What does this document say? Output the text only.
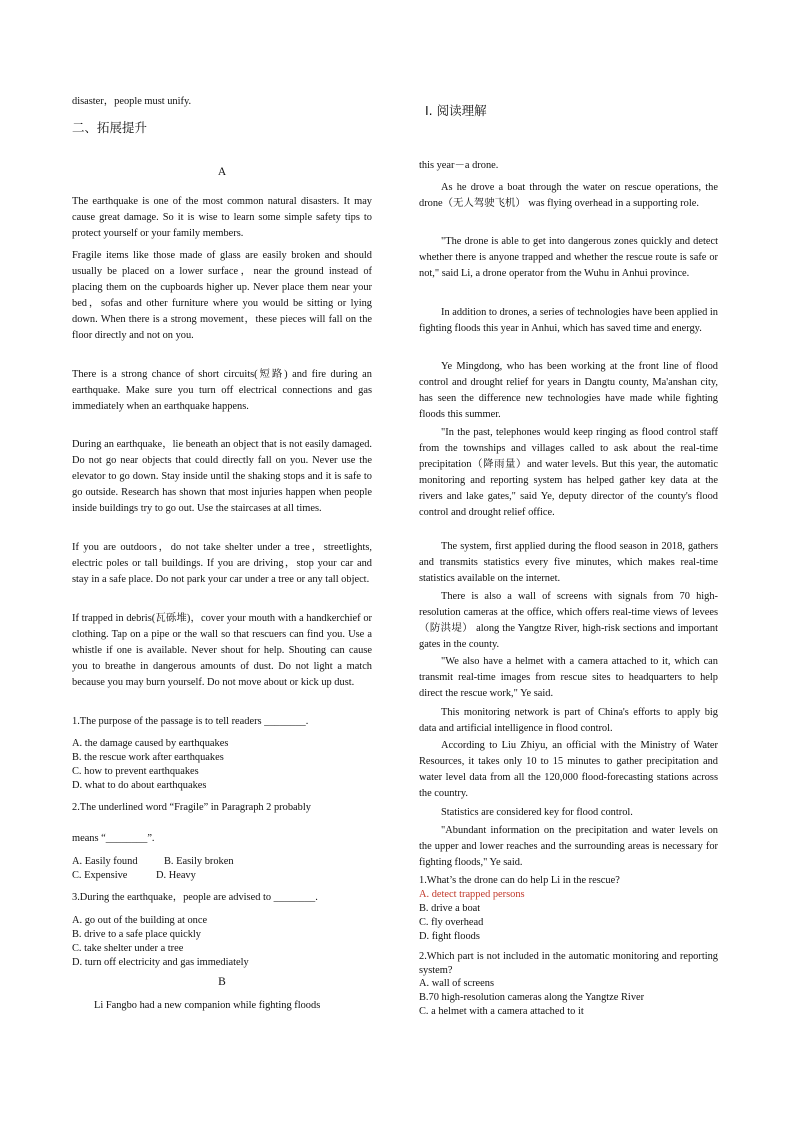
disaster，people must unify.

二、拓展提升
A

The earthquake is one of the most common natural disasters. It may cause great damage. So it is wise to learn some simple safety tips to protect yourself or your family members.

Fragile items like those made of glass are easily broken and should usually be placed on a lower surface，near the ground instead of placing them on the cupboards higher up. Never place them near your bed，sofas and other furniture where you would be sitting or lying down. When there is a strong movement，these pieces will fall on the floor directly and not on you.

There is a strong chance of short circuits(短路) and fire during an earthquake. Make sure you turn off electrical connections and gas immediately when an earthquake happens.

During an earthquake，lie beneath an object that is not easily damaged. Do not go near objects that could directly fall on you. Never use the elevator to go down. Stay inside until the shaking stops and it is safe to go outside. Research has shown that most injuries happen when people inside buildings try to go out. Use the staircases at all times.

If you are outdoors，do not take shelter under a tree，streetlights, electric poles or tall buildings. If you are driving，stop your car and stay in a safe place. Do not park your car under a tree or any tall object.

If trapped in debris(瓦砾堆)，cover your mouth with a handkerchief or clothing. Tap on a pipe or the wall so that rescuers can find you. Use a whistle if one is available. Never shout for help. Shouting can cause you to breathe in dangerous amounts of dust. Do not light a match because you may burn yourself. Do not move about or kick up dust.

1.The purpose of the passage is to tell readers ________.

A. the damage caused by earthquakes

B. the rescue work after earthquakes

C. how to prevent earthquakes

D. what to do about earthquakes

2.The underlined word “Fragile” in Paragraph 2 probably

means “________”.

A. Easily found	B. Easily broken

C. Expensive	D. Heavy

3.During the earthquake，people are advised to ________.

A. go out of the building at once

B. drive to a safe place quickly

C. take shelter under a tree

D. turn off electricity and gas immediately

B

Li Fangbo had a new companion while fighting floods

Ⅰ. 阅读理解

this year－a drone.

As he drove a boat through the water on rescue operations, the drone（无人驾驶飞机） was flying overhead in a supporting role.

"The drone is able to get into dangerous zones quickly and detect whether there is anyone trapped and whether the rescue route is safe or not," said Li, a drone operator from the Wuhu in Anhui province.

In addition to drones, a series of technologies have been applied in fighting floods this year in Anhui, which has saved time and energy.

Ye Mingdong, who has been working at the front line of flood control and drought relief for years in Dangtu county, Ma'anshan city, has seen the difference new technologies have made while fighting floods this summer.

"In the past, telephones would keep ringing as flood control staff from the townships and villages called to ask about the real-time precipitation（降雨量）and water levels. But this year, the automatic monitoring and reporting system has helped gather key data at the rivers and lake gates," said Ye, deputy director of the county's flood control and drought relief office.

The system, first applied during the flood season in 2018, gathers and transmits statistics every five minutes, which makes real-time statistics available on the internet.

There is also a wall of screens with signals from 70 high-resolution cameras at the office, which offers real-time views of levees（防洪堤） along the Yangtze River, high-risk sections and important gates in the county.

"We also have a helmet with a camera attached to it, which can transmit real-time images from rescue sites to headquarters to help direct the rescue work," Ye said.

This monitoring network is part of China's efforts to apply big data and artificial intelligence in flood control.

According to Liu Zhiyu, an official with the Ministry of Water Resources, it takes only 10 to 15 minutes to gather precipitation and water level data from all the 120,000 flood-forecasting stations across the country.

Statistics are considered key for flood control.

"Abundant information on the precipitation and water levels on the upper and lower reaches and the surrounding areas is necessary for fighting floods," Ye said.

1.What’s the drone can do help Li in the rescue?

A. detect trapped persons

B. drive a boat

C. fly overhead

D. fight floods

2.Which part is not included in the automatic monitoring and reporting system?

A. wall of screens

B.70 high-resolution cameras along the Yangtze River

C. a helmet with a camera attached to it
